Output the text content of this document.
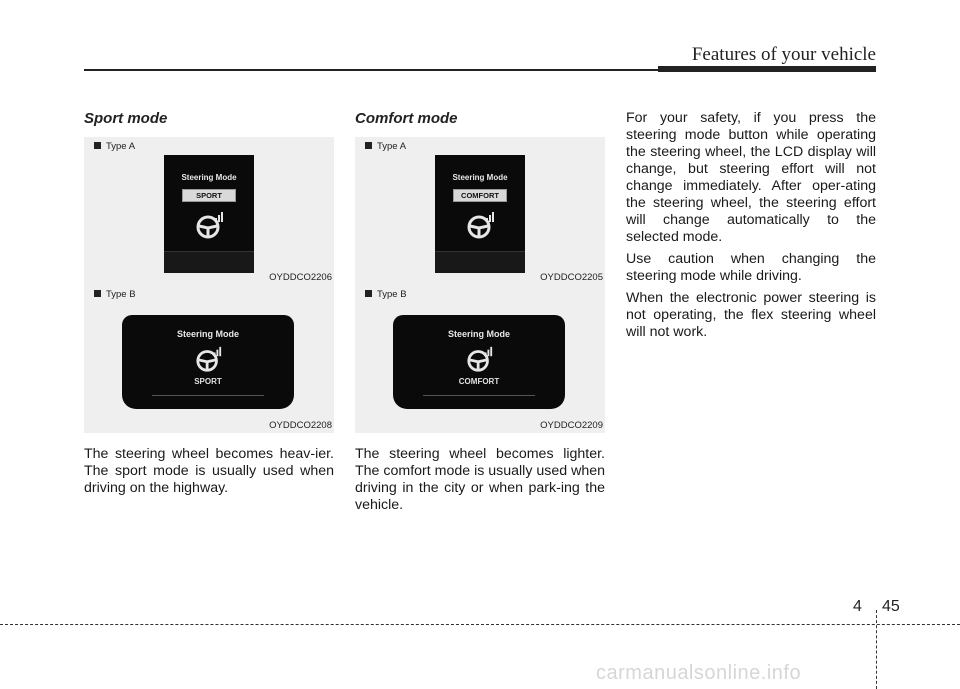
Features of your vehicle
Sport mode
Type A
Steering Mode
SPORT
OYDDCO2206
Type B
Steering Mode
SPORT
OYDDCO2208

The steering wheel becomes heav-ier. The sport mode is usually used when driving on the highway.

Comfort mode
Type A
Steering Mode
COMFORT
OYDDCO2205
Type B
Steering Mode
COMFORT
OYDDCO2209

The steering wheel becomes lighter. The comfort mode is usually used when driving in the city or when park-ing the vehicle.

For your safety, if you press the steering mode button while operating the steering wheel, the LCD display will change, but steering effort will not change immediately. After oper-ating the steering wheel, the steering effort will change automatically to the selected mode.

Use caution when changing the steering mode while driving.

When the electronic power steering is not operating, the flex steering wheel will not work.

4 45
carmanualsonline.info
